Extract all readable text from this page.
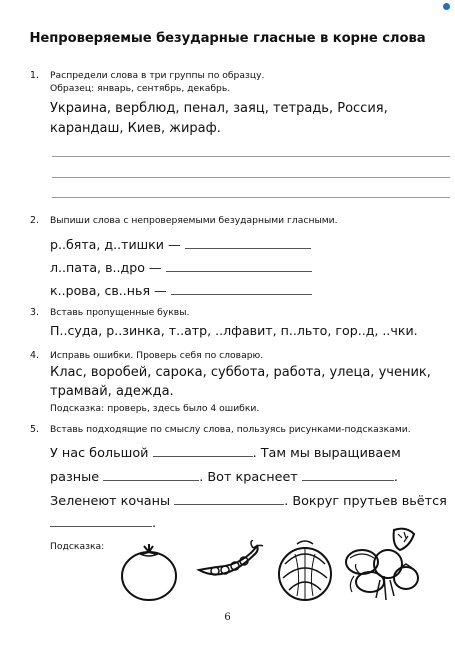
Непроверяемые безударные гласные в корне слова
1. Распредели слова в три группы по образцу.
Образец: январь, сентябрь, декабрь.
Украина, верблюд, пенал, заяц, тетрадь, Россия,
карандаш, Киев, жираф.
2. Выпиши слова с непроверяемыми безударными гласными.
р..бята, д..тишки —
л..пата, в..дро —
к..рова, св..нья —
3. Вставь пропущенные буквы.
П..суда, р..зинка, т..атр, ..лфавит, п..льто, гор..д, ..чки.
4. Исправь ошибки. Проверь себя по словарю.
Клас, воробей, сарока, суббота, работа, улеца, ученик,
трамвай, адежда.
Подсказка: проверь, здесь было 4 ошибки.
5. Вставь подходящие по смыслу слова, пользуясь рисунками-подсказками.
У нас большой	. Там мы выращиваем
разные	. Вот краснеет	.
Зеленеют кочаны	. Вокруг прутьев вьётся
.
Подсказка:
6
